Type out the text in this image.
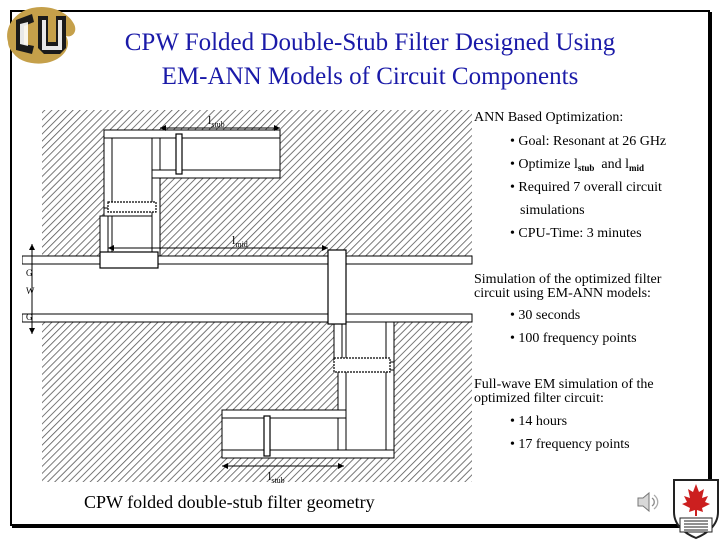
CPW Folded Double-Stub Filter Designed Using
EM-ANN Models of Circuit Components
$l_{stub}$
$l_{mid}$
$l_{stub}$
G
W
G
CPW folded double-stub filter geometry
ANN Based Optimization:
• Goal: Resonant at 26 GHz
• Optimize $l_{stub}$  and $l_{mid}$
• Required 7 overall circuit
simulations
• CPU-Time: 3 minutes
Simulation of the optimized filter
circuit using EM-ANN models:
• 30 seconds
• 100 frequency points
Full-wave EM simulation of the
optimized filter circuit:
• 14 hours
• 17 frequency points
